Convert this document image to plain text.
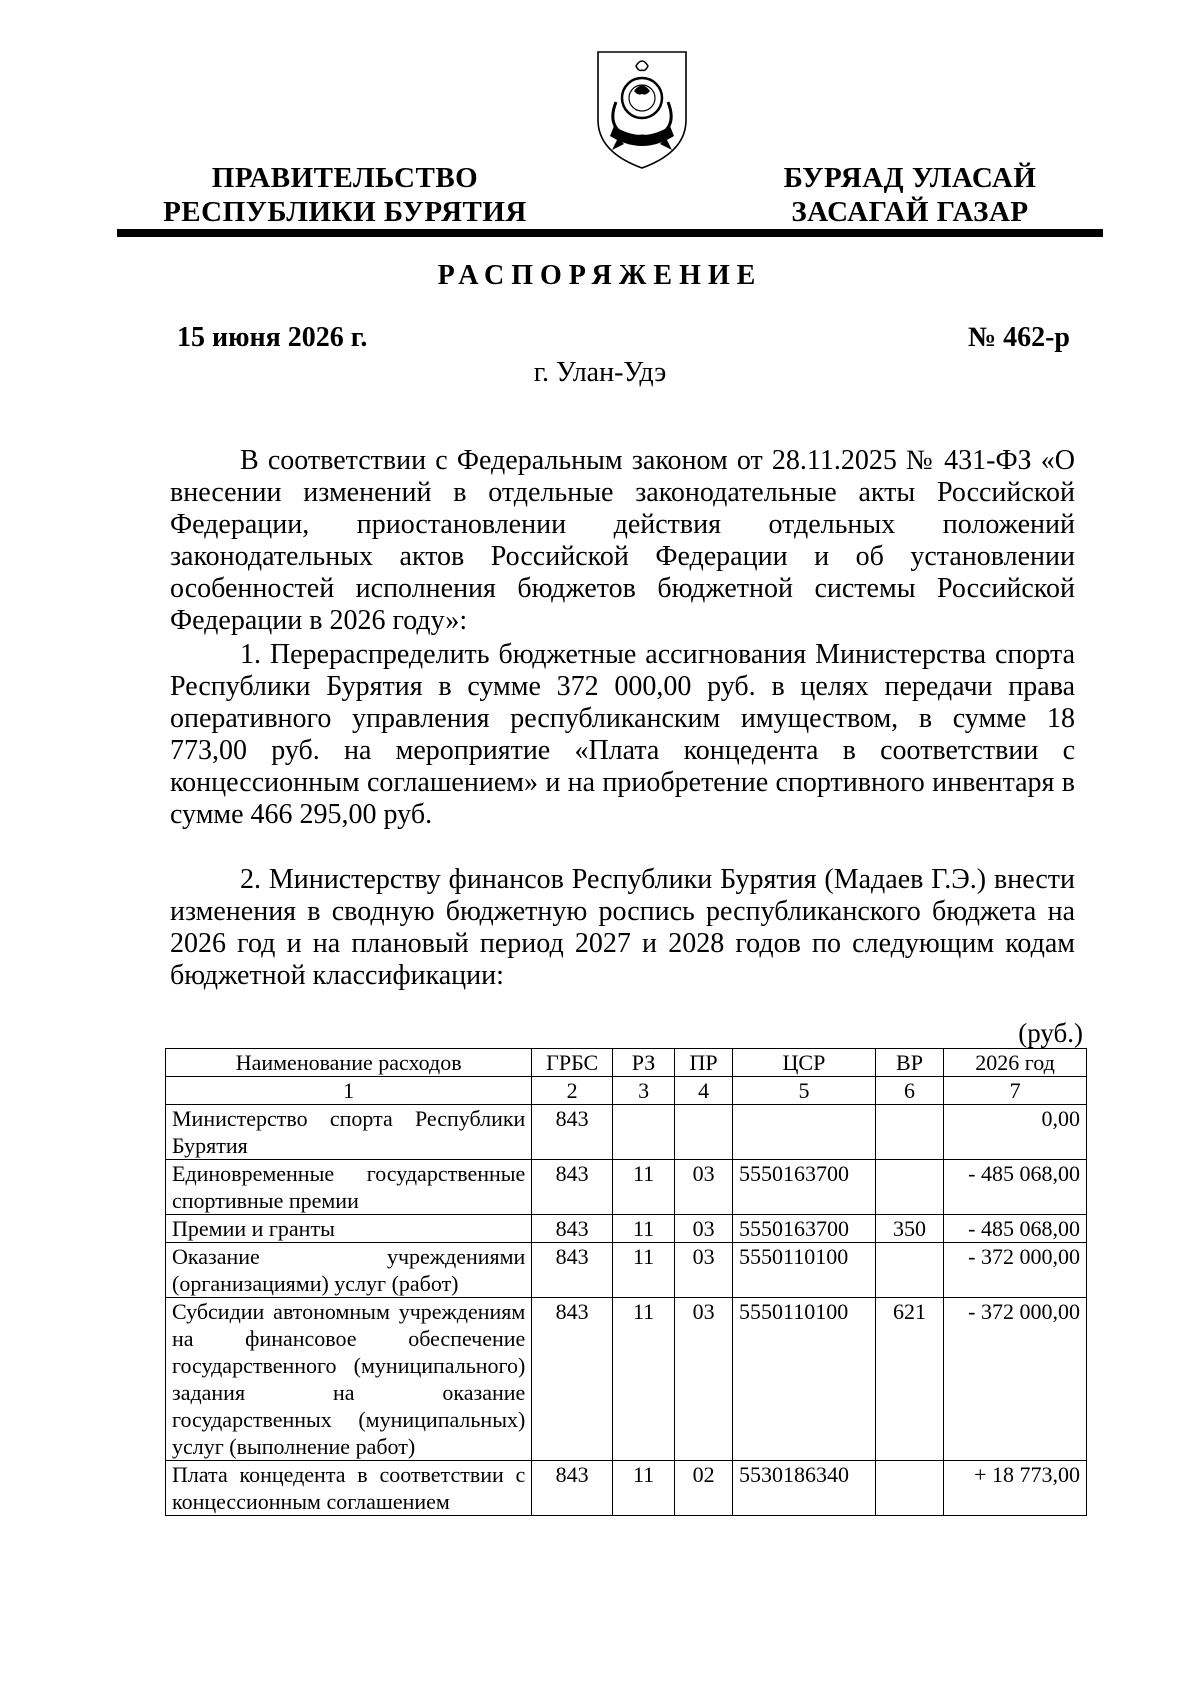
ПРАВИТЕЛЬСТВО
РЕСПУБЛИКИ БУРЯТИЯ
БУРЯАД УЛАСАЙ
ЗАСАГАЙ ГАЗАР
РАСПОРЯЖЕНИЕ
15 июня 2026 г.	№ 462-р
г. Улан-Удэ

В соответствии с Федеральным законом от 28.11.2025 № 431-ФЗ «О внесении изменений в отдельные законодательные акты Российской Федерации, приостановлении действия отдельных положений законодательных актов Российской Федерации и об установлении особенностей исполнения бюджетов бюджетной системы Российской Федерации в 2026 году»:

1. Перераспределить бюджетные ассигнования Министерства спорта Республики Бурятия в сумме 372 000,00 руб. в целях передачи права оперативного управления республиканским имуществом, в сумме 18 773,00 руб. на мероприятие «Плата концедента в соответствии с концессионным соглашением» и на приобретение спортивного инвентаря в сумме 466 295,00 руб.

2. Министерству финансов Республики Бурятия (Мадаев Г.Э.) внести изменения в сводную бюджетную роспись республиканского бюджета на 2026 год и на плановый период 2027 и 2028 годов по следующим кодам бюджетной классификации:

(руб.)
Наименование расходов	ГРБС	РЗ	ПР	ЦСР	ВР	2026 год
1	2	3	4	5	6	7
Министерство спорта Республики Бурятия	843					0,00
Единовременные государственные спортивные премии	843	11	03	5550163700		- 485 068,00
Премии и гранты	843	11	03	5550163700	350	- 485 068,00
Оказание учреждениями (организациями) услуг (работ)	843	11	03	5550110100		- 372 000,00
Субсидии автономным учреждениям на финансовое обеспечение государственного (муниципального) задания на оказание государственных (муниципальных) услуг (выполнение работ)	843	11	03	5550110100	621	- 372 000,00
Плата концедента в соответствии с концессионным соглашением	843	11	02	5530186340		+ 18 773,00
